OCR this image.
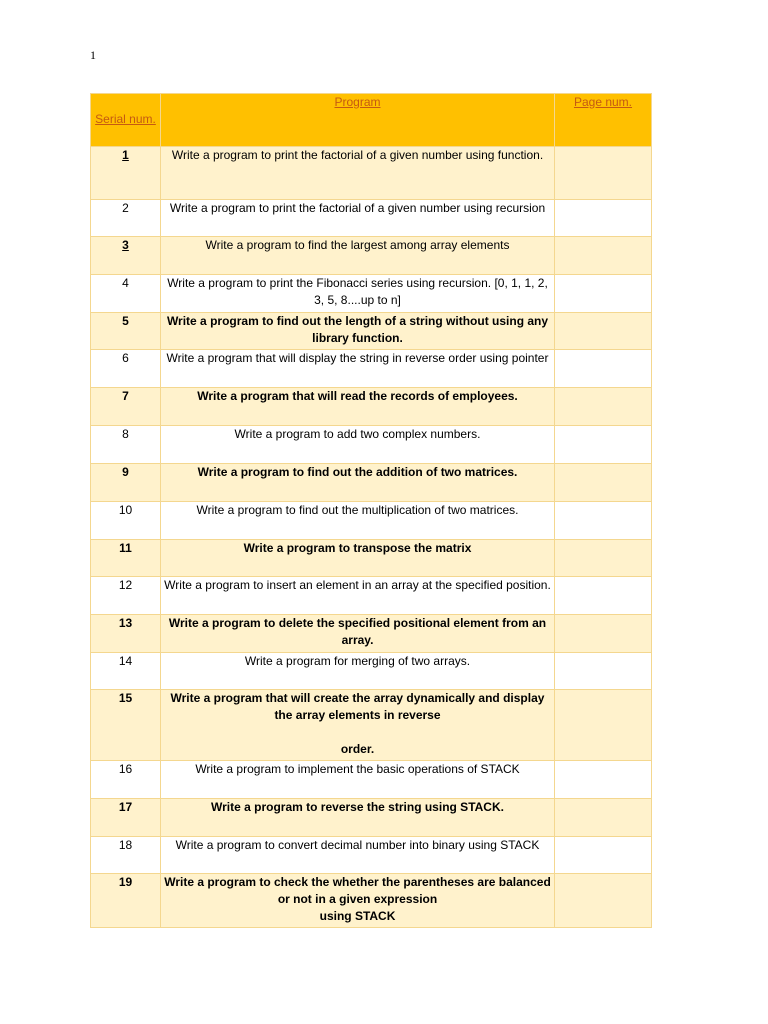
1
Serial num.	Program	Page num.
1	Write a program to print the factorial of a given number using function.	
2	Write a program to print the factorial of a given number using recursion	
3	Write a program to find the largest among array elements	
4	Write a program to print the Fibonacci series using recursion. [0, 1, 1, 2, 3, 5, 8....up to n]	
5	Write a program to find out the length of a string without using any library function.	
6	Write a program that will display the string in reverse order using pointer	
7	Write a program that will read the records of employees.	
8	Write a program to add two complex numbers.	
9	Write a program to find out the addition of two matrices.	
10	Write a program to find out the multiplication of two matrices.	
11	Write a program to transpose the matrix	
12	Write a program to insert an element in an array at the specified position.	
13	Write a program to delete the specified positional element from an array.	
14	Write a program for merging of two arrays.	
15	Write a program that will create the array dynamically and display the array elements in reverse
order.	

16	Write a program to implement the basic operations of STACK	
17	Write a program to reverse the string using STACK.	
18	Write a program to convert decimal number into binary using STACK	
19	Write a program to check the whether the parentheses are balanced or not in a given expression
using STACK	
